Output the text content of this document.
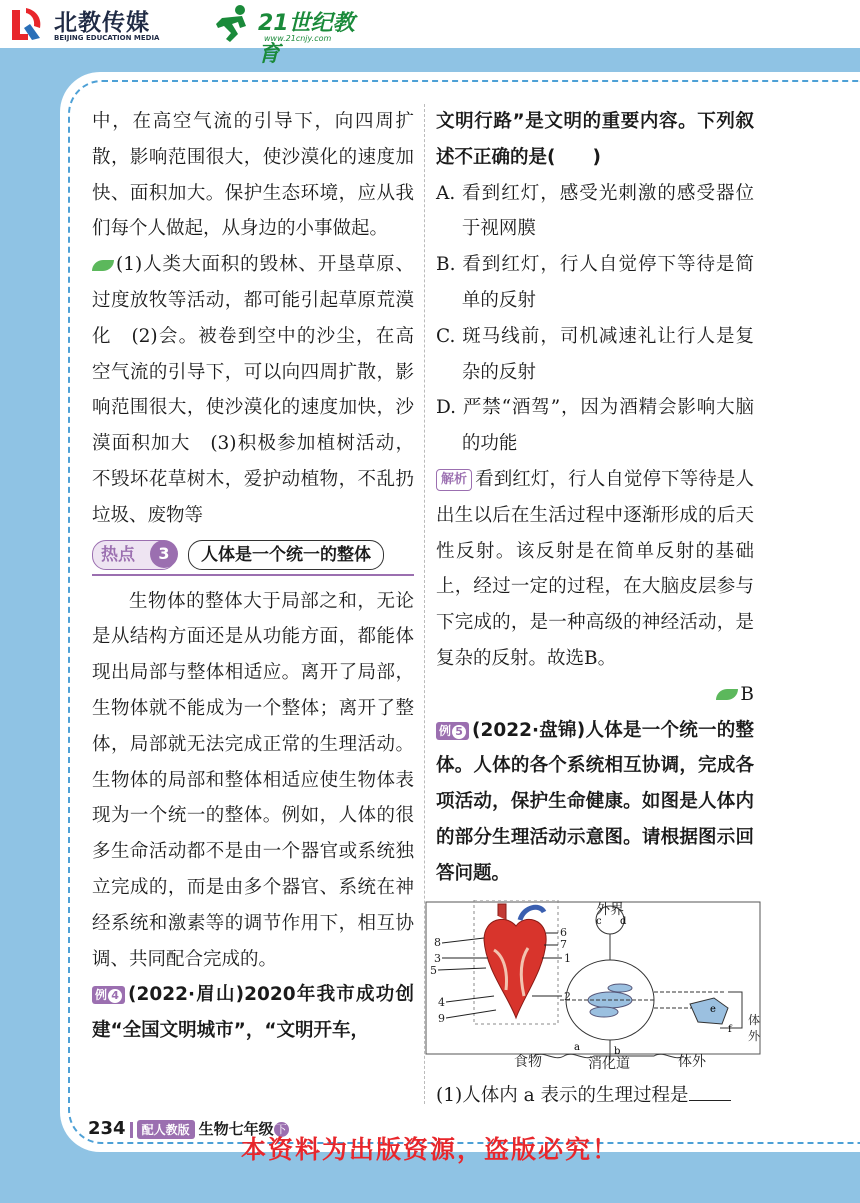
北教传媒
BEIJING EDUCATION MEDIA
21世纪教育
www.21cnjy.com

中，在高空气流的引导下，向四周扩散，影响范围很大，使沙漠化的速度加快、面积加大。保护生态环境，应从我们每个人做起，从身边的小事做起。

(1)人类大面积的毁林、开垦草原、过度放牧等活动，都可能引起草原荒漠化　(2)会。被卷到空中的沙尘，在高空气流的引导下，可以向四周扩散，影响范围很大，使沙漠化的速度加快，沙漠面积加大　(3)积极参加植树活动，不毁坏花草树木，爱护动植物，不乱扔垃圾、废物等

热点	3	人体是一个统一的整体

生物体的整体大于局部之和，无论是从结构方面还是从功能方面，都能体现出局部与整体相适应。离开了局部，生物体就不能成为一个整体；离开了整体，局部就无法完成正常的生理活动。生物体的局部和整体相适应使生物体表现为一个统一的整体。例如，人体的很多生命活动都不是由一个器官或系统独立完成的，而是由多个器官、系统在神经系统和激素等的调节作用下，相互协调、共同配合完成的。

例 4 (2022·眉山)2020年我市成功创建“全国文明城市”，“文明开车，

文明行路”是文明的重要内容。下列叙述不正确的是(　　)

A. 看到红灯，感受光刺激的感受器位于视网膜

B. 看到红灯，行人自觉停下等待是简单的反射

C. 斑马线前，司机减速礼让行人是复杂的反射

D. 严禁“酒驾”，因为酒精会影响大脑的功能

解析 看到红灯，行人自觉停下等待是人出生以后在生活过程中逐渐形成的后天性反射。该反射是在简单反射的基础上，经过一定的过程，在大脑皮层参与下完成的，是一种高级的神经活动，是复杂的反射。故选B。

B

例 5 (2022·盘锦)人体是一个统一的整体。人体的各个系统相互协调，完成各项活动，保护生命健康。如图是人体内的部分生理活动示意图。请根据图示回答问题。

8
6
7
3
5
1
2
4
9
c d
b
e
f
a
外界
食物	消化道	体外
体
外

(1)人体内 a 表示的生理过程是

234 配人教版 生物七年级 下
本资料为出版资源，盗版必究！
